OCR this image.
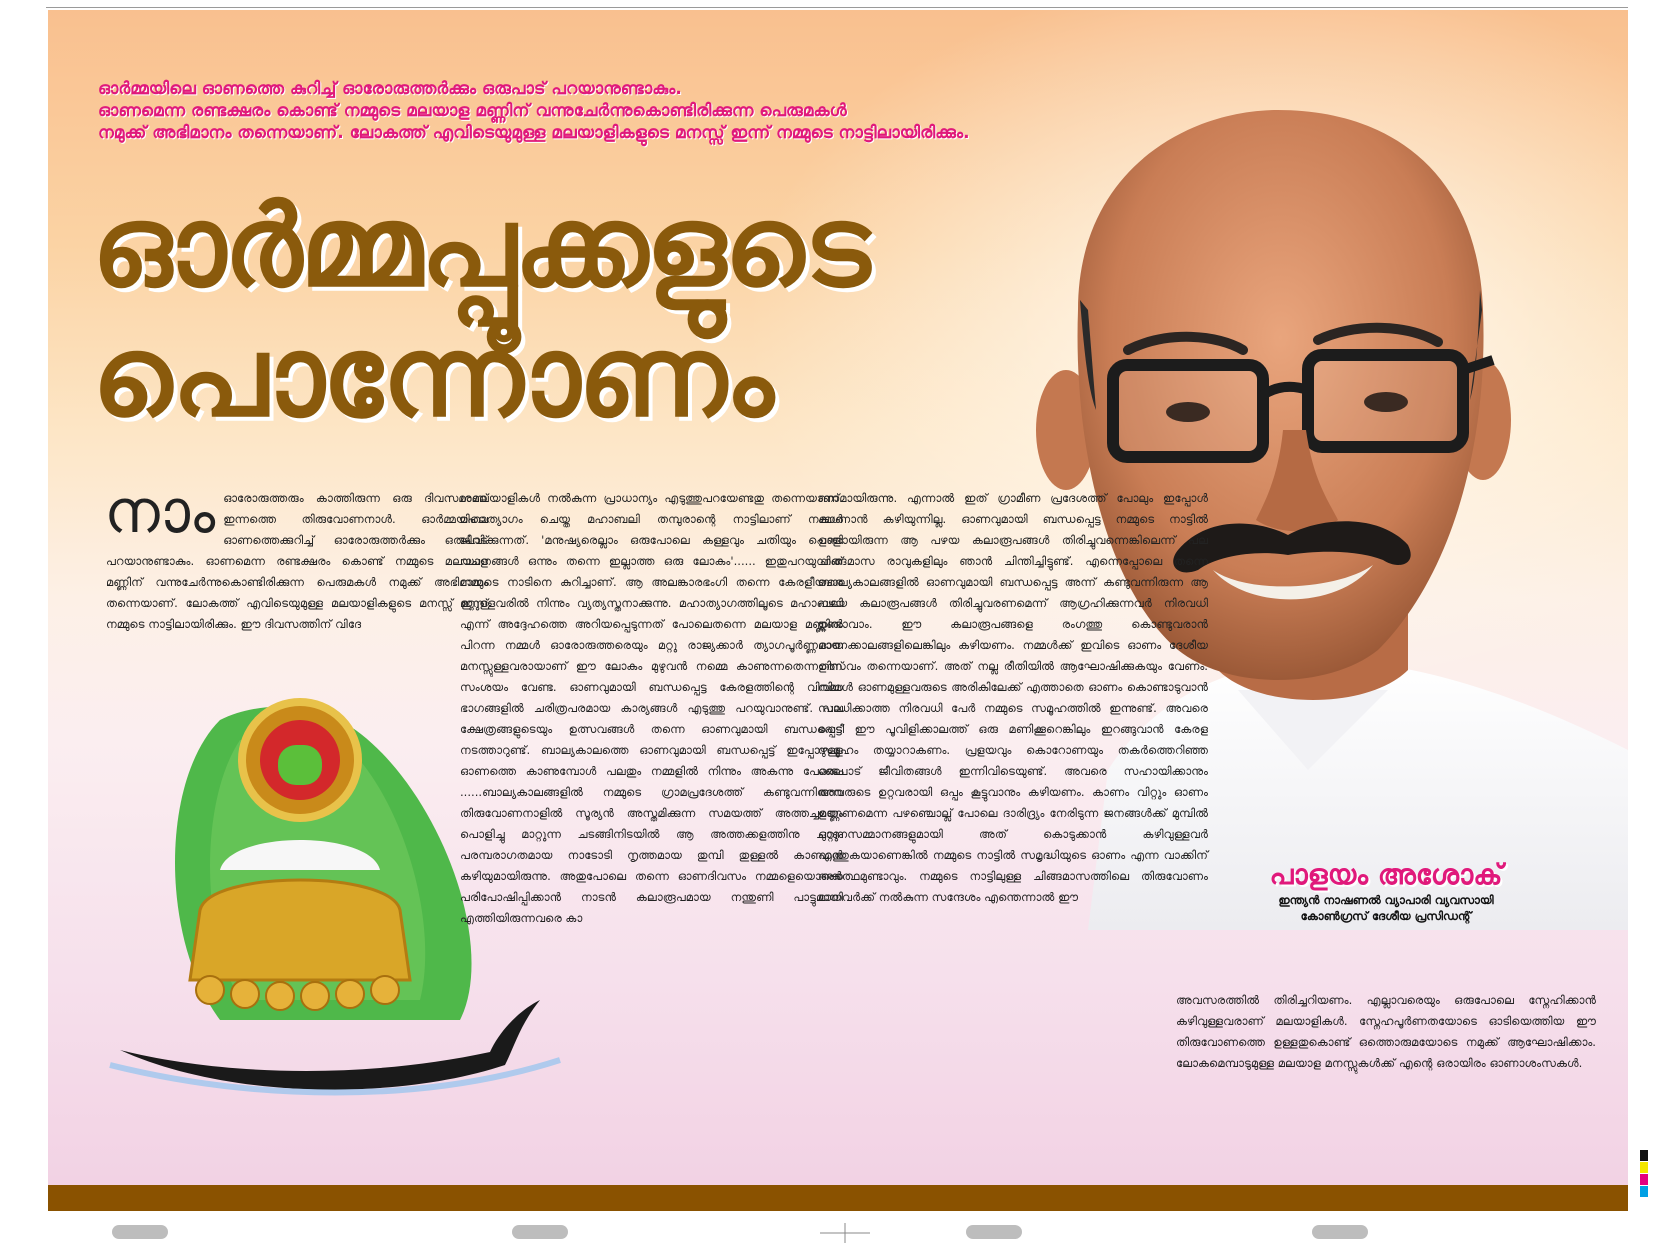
ഓർമ്മയിലെ ഓണത്തെ കുറിച്ച് ഓരോരുത്തർക്കും ഒരുപാട് പറയാനുണ്ടാകും.
ഓണമെന്ന രണ്ടക്ഷരം കൊണ്ട് നമ്മുടെ മലയാള മണ്ണിന് വന്നുചേർന്നുകൊണ്ടിരിക്കുന്ന പെരുമകൾ
നമുക്ക് അഭിമാനം തന്നെയാണ്. ലോകത്ത് എവിടെയുമുള്ള മലയാളികളുടെ മനസ്സ് ഇന്ന് നമ്മുടെ നാട്ടിലായിരിക്കും.
ഓർമ്മപ്പൂക്കളുടെ
പൊന്നോണം
നാംഓരോരുത്തരും കാത്തിരുന്ന ഒരു ദിവസമാണ് ഇന്നത്തെ തിരുവോണനാൾ. ഓർമ്മയിലെ ഓണത്തെക്കുറിച്ച് ഓരോരുത്തർക്കും ഒരുപാട് പറയാനുണ്ടാകും. ഓണമെന്ന രണ്ടക്ഷരം കൊണ്ട് നമ്മുടെ മലയാള മണ്ണിന് വന്നുചേർന്നുകൊണ്ടിരിക്കുന്ന പെരുമകൾ നമുക്ക് അഭിമാനം തന്നെയാണ്. ലോകത്ത് എവിടെയുമുള്ള മലയാളികളുടെ മനസ്സ് ഇന്ന് നമ്മുടെ നാട്ടിലായിരിക്കും. ഈ ദിവസത്തിന് വിദേ
ശമലയാളികൾ നൽകുന്ന പ്രാധാന്യം എടുത്തുപറയേണ്ടതു തന്നെയാണ്. മഹാത്യാഗം ചെയ്ത മഹാബലി തമ്പുരാന്റെ നാട്ടിലാണ് നമ്മൾ ജീവിക്കുന്നത്. 'മനുഷ്യരെല്ലാം ഒരുപോലെ കള്ളവും ചതിയും പൊളി വചനങ്ങൾ ഒന്നും തന്നെ ഇല്ലാത്ത ഒരു ലോകം'...... ഇതുപറയുന്നത് നമ്മുടെ നാടിനെ കുറിച്ചാണ്. ആ അലങ്കാരഭംഗി തന്നെ കേരളീയരെ മറ്റുള്ളവരിൽ നിന്നും വ്യത്യസ്തനാക്കുന്നു. മഹാത്യാഗത്തിലൂടെ മഹാബലി എന്ന് അദ്ദേഹത്തെ അറിയപ്പെടുന്നത് പോലെതന്നെ മലയാള മണ്ണിൽ പിറന്ന നമ്മൾ ഓരോരുത്തരെയും മറ്റു രാജ്യക്കാർ ത്യാഗപൂർണ്ണമായ മനസ്സുള്ളവരായാണ് ഈ ലോകം മുഴുവൻ നമ്മെ കാണുന്നതെന്നതിന് സംശയം വേണ്ട. ഓണവുമായി ബന്ധപ്പെട്ട കേരളത്തിന്റെ വിവിധ ഭാഗങ്ങളിൽ ചരിത്രപരമായ കാര്യങ്ങൾ എടുത്തു പറയുവാനുണ്ട്. പല ക്ഷേത്രങ്ങളുടെയും ഉത്സവങ്ങൾ തന്നെ ഓണവുമായി ബന്ധപ്പെട്ട് നടത്താറുണ്ട്. ബാല്യകാലത്തെ ഓണവുമായി ബന്ധപ്പെട്ട് ഇപ്പോഴുള്ള ഓണത്തെ കാണുമ്പോൾ പലതും നമ്മളിൽ നിന്നും അകന്നു പോലെ ......ബാല്യകാലങ്ങളിൽ നമ്മുടെ ഗ്രാമപ്രദേശത്ത് കണ്ടുവന്നിരുന്ന തിരുവോണനാളിൽ സൂര്യൻ അസ്തമിക്കുന്ന സമയത്ത് അത്തച്ചമയം പൊളിച്ചു മാറ്റുന്ന ചടങ്ങിനിടയിൽ ആ അത്തക്കളത്തിനു ചുറ്റും പരമ്പരാഗതമായ നാടോടി നൃത്തമായ തുമ്പി തുള്ളൽ കാണാൻ കഴിയുമായിരുന്നു. അതുപോലെ തന്നെ ഓണദിവസം നമ്മളെയൊക്കെ പരിപോഷിപ്പിക്കാൻ നാടൻ കലാരൂപമായ നന്തുണി പാട്ടുമായി എത്തിയിരുന്നവരെ കാ
ണാമായിരുന്നു. എന്നാൽ ഇത് ഗ്രാമീണ പ്രദേശത്ത് പോലും ഇപ്പോൾ കാണാൻ കഴിയുന്നില്ല. ഓണവുമായി ബന്ധപ്പെട്ട നമ്മുടെ നാട്ടിൽ ഉണ്ടായിരുന്ന ആ പഴയ കലാരൂപങ്ങൾ തിരിച്ചുവന്നെങ്കിലെന്ന് പല ചിങ്ങമാസ രാവുകളിലും ഞാൻ ചിന്തിച്ചിട്ടുണ്ട്. എന്നെപ്പോലെ തന്നെ ബാല്യകാലങ്ങളിൽ ഓണവുമായി ബന്ധപ്പെട്ട അന്ന് കണ്ടുവന്നിരുന്ന ആ പഴയ കലാരൂപങ്ങൾ തിരിച്ചുവരണമെന്ന് ആഗ്രഹിക്കുന്നവർ നിരവധി ഉണ്ടാവാം. ഈ കലാരൂപങ്ങളെ രംഗത്തു കൊണ്ടുവരാൻ ഓണക്കാലങ്ങളിലെങ്കിലും കഴിയണം. നമ്മൾക്ക് ഇവിടെ ഓണം ദേശീയ ഉത്സവം തന്നെയാണ്. അത് നല്ല രീതിയിൽ ആഘോഷിക്കുകയും വേണം. നമ്മൾ ഓണമുള്ളവരുടെ അരികിലേക്ക് എത്താതെ ഓണം കൊണ്ടാടുവാൻ സാധിക്കാത്ത നിരവധി പേർ നമ്മുടെ സമൂഹത്തിൽ ഇന്നുണ്ട്. അവരെ തേടി ഈ പൂവിളിക്കാലത്ത് ഒരു മണിക്കൂറെങ്കിലും ഇറങ്ങുവാൻ കേരള സമൂഹം തയ്യാറാകണം. പ്രളയവും കൊറോണയും തകർത്തെറിഞ്ഞ ഒരുപാട് ജീവിതങ്ങൾ ഇന്നിവിടെയുണ്ട്. അവരെ സഹായിക്കാനും അവരുടെ ഉറ്റവരായി ഒപ്പം കൂട്ടുവാനും കഴിയണം. കാണം വിറ്റും ഓണം ഉണ്ണണമെന്ന പഴഞ്ചൊല്ല് പോലെ ദാരിദ്ര്യം നേരിടുന്ന ജനങ്ങൾക്ക് മുമ്പിൽ ഓണസമ്മാനങ്ങളുമായി അത് കൊടുക്കാൻ കഴിവുള്ളവർ എത്തുകയാണെങ്കിൽ നമ്മുടെ നാട്ടിൽ സമൃദ്ധിയുടെ ഓണം എന്ന വാക്കിന് അർത്ഥമുണ്ടാവും. നമ്മുടെ നാട്ടിലുള്ള ചിങ്ങമാസത്തിലെ തിരുവോണം മാനവർക്ക് നൽകുന്ന സന്ദേശം എന്തെന്നാൽ ഈ
അവസരത്തിൽ തിരിച്ചറിയണം. എല്ലാവരെയും ഒരുപോലെ സ്നേഹിക്കാൻ കഴിവുള്ളവരാണ് മലയാളികൾ. സ്നേഹപൂർണതയോടെ ഓടിയെത്തിയ ഈ തിരുവോണത്തെ ഉള്ളതുകൊണ്ട് ഒത്തൊരുമയോടെ നമുക്ക് ആഘോഷിക്കാം. ലോകമെമ്പാടുമുള്ള മലയാള മനസ്സുകൾക്ക് എന്റെ ഒരായിരം ഓണാശംസകൾ.
പാളയം അശോക്
ഇന്ത്യൻ നാഷണൽ വ്യാപാരി വ്യവസായി
കോൺഗ്രസ് ദേശീയ പ്രസിഡന്റ്
